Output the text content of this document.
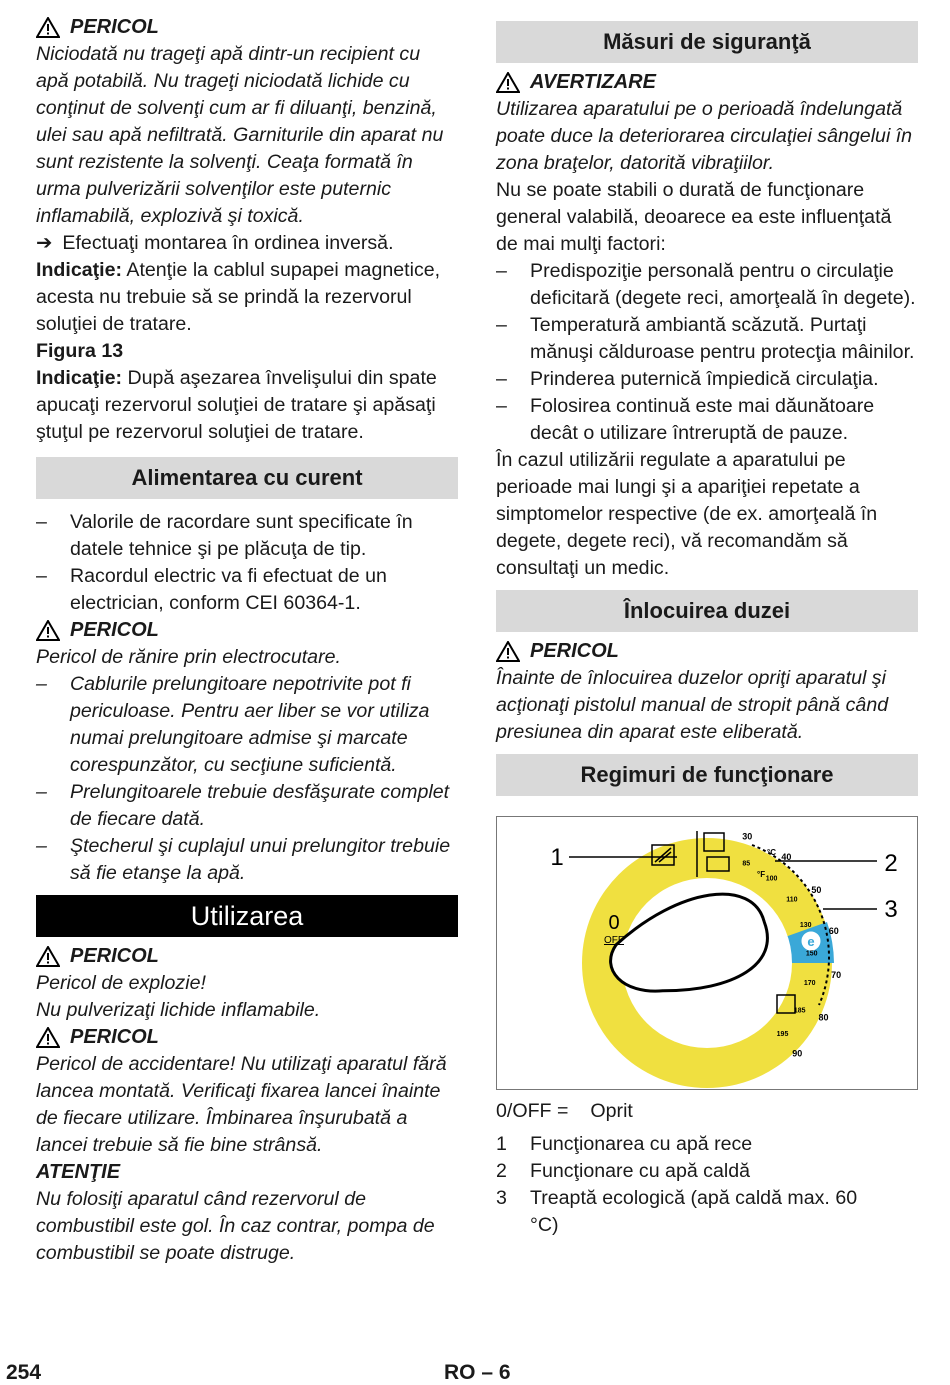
PERICOL

Niciodată nu trageţi apă dintr-un recipient cu apă potabilă. Nu trageţi niciodată lichide cu conţinut de solvenţi cum ar fi diluanţi, benzină, ulei sau apă nefiltrată. Garniturile din aparat nu sunt rezistente la solvenţi. Ceaţa formată în urma pulverizării solvenţilor este puternic inflamabilă, explozivă şi toxică.

➔ Efectuaţi montarea în ordinea inversă.

Indicaţie: Atenţie la cablul supapei magnetice, acesta nu trebuie să se prindă la rezervorul soluţiei de tratare.

Figura 13

Indicaţie: După aşezarea învelişului din spate apucaţi rezervorul soluţiei de tratare şi apăsaţi ştuţul pe rezervorul soluţiei de tratare.

Alimentarea cu curent
–	Valorile de racordare sunt specificate în datele tehnice şi pe plăcuţa de tip.
–	Racordul electric va fi efectuat de un electrician, conform CEI 60364-1.
PERICOL

Pericol de rănire prin electrocutare.

–	Cablurile prelungitoare nepotrivite pot fi periculoase. Pentru aer liber se vor utiliza numai prelungitoare admise şi marcate corespunzător, cu secţiune suficientă.
–	Prelungitoarele trebuie desfăşurate complet de fiecare dată.
–	Ştecherul şi cuplajul unui prelungitor trebuie să fie etanşe la apă.
Utilizarea
PERICOL

Pericol de explozie!

Nu pulverizaţi lichide inflamabile.

PERICOL

Pericol de accidentare! Nu utilizaţi aparatul fără lancea montată. Verificaţi fixarea lancei înainte de fiecare utilizare. Îmbinarea înşurubată a lancei trebuie să fie bine strânsă.

ATENŢIE

Nu folosiţi aparatul când rezervorul de combustibil este gol. În caz contrar, pompa de combustibil se poate distruge.

Măsuri de siguranţă
AVERTIZARE

Utilizarea aparatului pe o perioadă îndelungată poate duce la deteriorarea circulaţiei sângelui în zona braţelor, datorită vibraţiilor.

Nu se poate stabili o durată de funcţionare general valabilă, deoarece ea este influenţată de mai mulţi factori:

–	Predispoziţie personală pentru o circulaţie deficitară (degete reci, amorţeală în degete).
–	Temperatură ambiantă scăzută. Purtaţi mănuşi călduroase pentru protecţia mâinilor.
–	Prinderea puternică împiedică circulaţia.
–	Folosirea continuă este mai dăunătoare decât o utilizare întreruptă de pauze.

În cazul utilizării regulate a aparatului pe perioade mai lungi şi a apariţiei repetate a simptomelor respective (de ex. amorţeală în degete, degete reci), vă recomandăm să consultaţi un medic.

Înlocuirea duzei
PERICOL

Înainte de înlocuirea duzelor opriţi aparatul şi acţionaţi pistolul manual de stropit până când presiunea din aparat este eliberată.

Regimuri de funcţionare
e
0
OFF
°C
°F
30
40
50
60
70
80
90
85
100
110
130
150
170
185
195
1	2
3
0/OFF = Oprit
1	Funcţionarea cu apă rece
2	Funcţionare cu apă caldă
3	Treaptă ecologică (apă caldă max. 60 °C)
254	RO – 6
